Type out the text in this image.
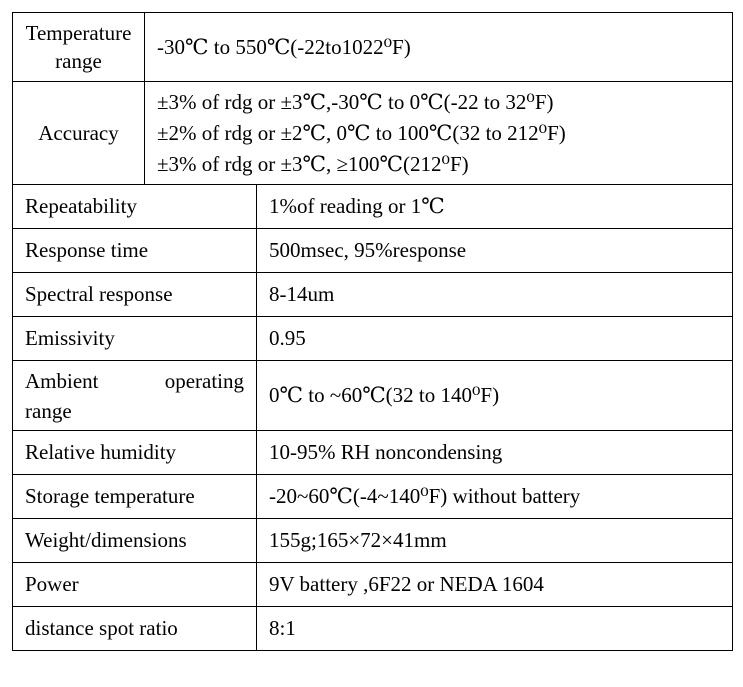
Temperature
range	-30℃ to 550℃(-22to1022⁰F)	

Accuracy	±3% of rdg or ±3℃,-30℃ to 0℃(-22 to 32⁰F)
±2% of rdg or ±2℃, 0℃ to 100℃(32 to 212⁰F)
±3% of rdg or ±3℃, ≥100℃(212⁰F)	

Repeatability		1%of reading or 1℃
Response time		500msec, 95%response
Spectral response		8-14um
Emissivity		0.95

Ambient operating
range		0℃ to ~60℃(32 to 140⁰F)
Relative humidity		10-95% RH noncondensing
Storage temperature		-20~60℃(-4~140⁰F) without battery
Weight/dimensions		155g;165×72×41mm
Power		9V battery ,6F22 or NEDA 1604
distance spot ratio		8:1
